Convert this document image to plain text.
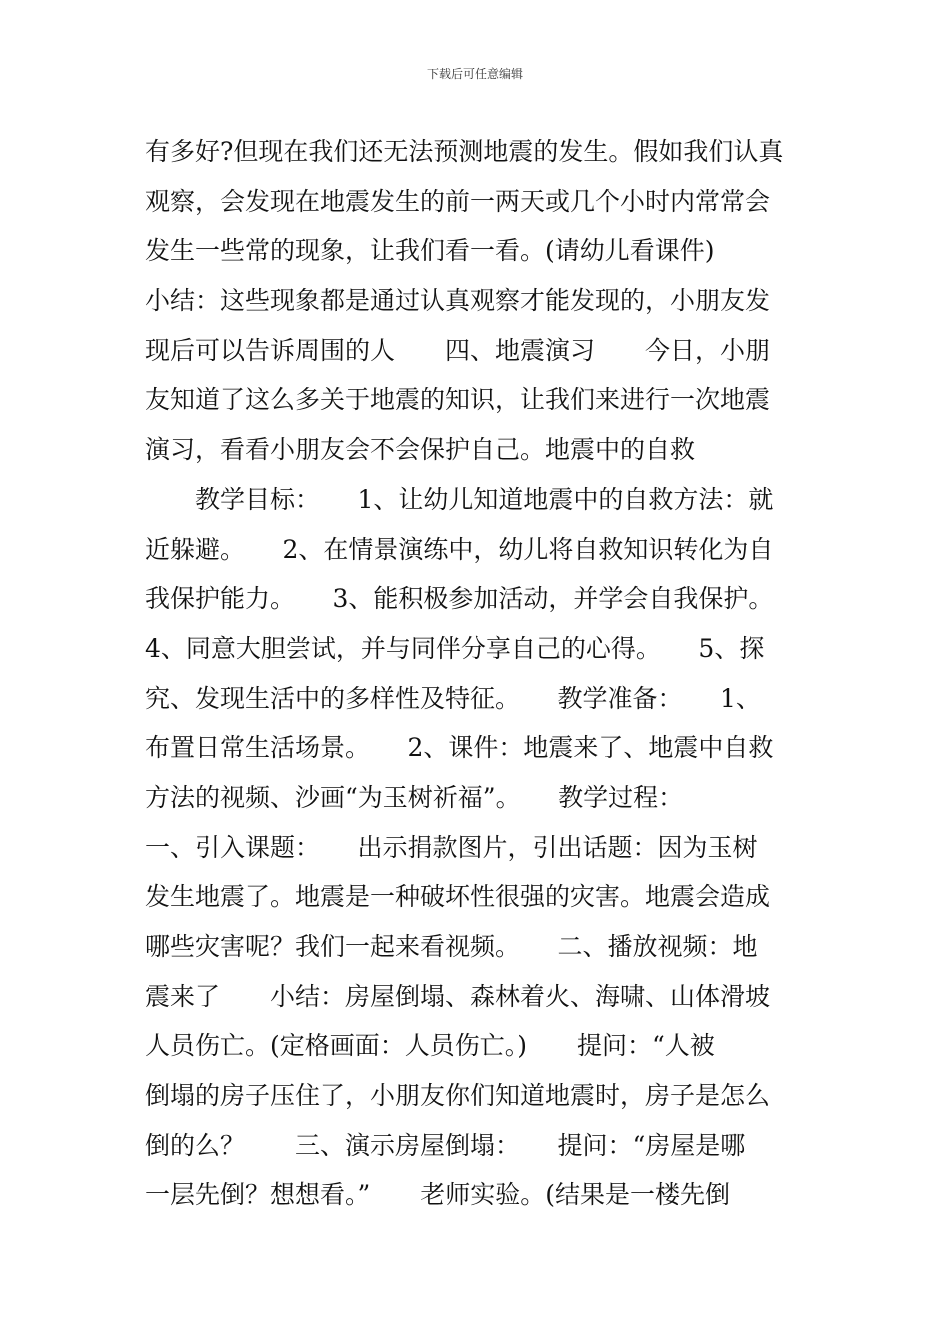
下载后可任意编辑
有多好?但现在我们还无法预测地震的发生。假如我们认真
观察，会发现在地震发生的前一两天或几个小时内常常会
发生一些常的现象，让我们看一看。(请幼儿看课件)
小结：这些现象都是通过认真观察才能发现的，小朋友发
现后可以告诉周围的人　　四、地震演习　　今日，小朋
友知道了这么多关于地震的知识，让我们来进行一次地震
演习，看看小朋友会不会保护自己。地震中的自救
教学目标：　　1、让幼儿知道地震中的自救方法：就
近躲避。　　2、在情景演练中，幼儿将自救知识转化为自
我保护能力。　　3、能积极参加活动，并学会自我保护。
4、同意大胆尝试，并与同伴分享自己的心得。　　5、探
究、发现生活中的多样性及特征。　　教学准备：　　1、
布置日常生活场景。　　2、课件：地震来了、地震中自救
方法的视频、沙画“为玉树祈福”。　　教学过程：
一、引入课题：　　出示捐款图片，引出话题：因为玉树
发生地震了。地震是一种破坏性很强的灾害。地震会造成
哪些灾害呢？我们一起来看视频。　　二、播放视频：地
震来了　　小结：房屋倒塌、森林着火、海啸、山体滑坡
人员伤亡。(定格画面：人员伤亡。)　　提问：“人被
倒塌的房子压住了，小朋友你们知道地震时，房子是怎么
倒的么？　　三、演示房屋倒塌：　　提问：“房屋是哪
一层先倒？想想看。”　　老师实验。(结果是一楼先倒
